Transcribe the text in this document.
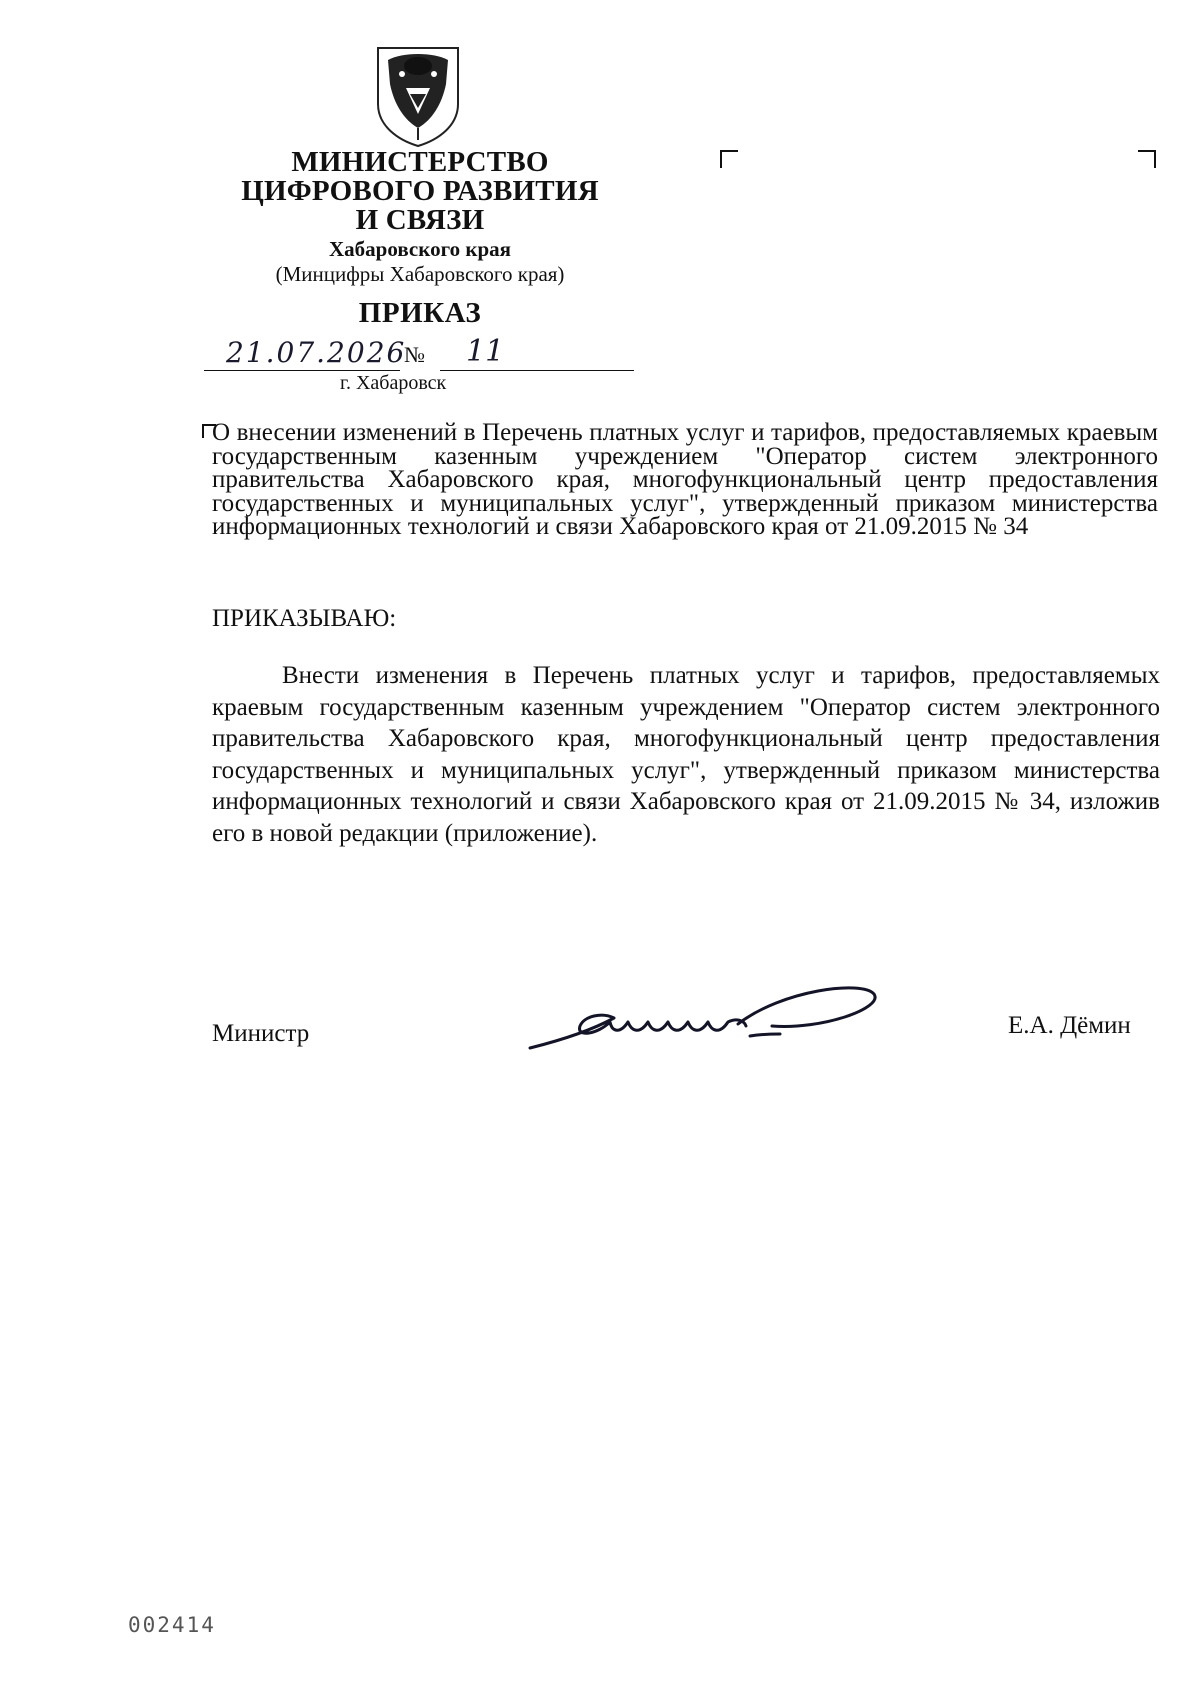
МИНИСТЕРСТВО
ЦИФРОВОГО РАЗВИТИЯ
И СВЯЗИ
Хабаровского края
(Минцифры Хабаровского края)
ПРИКАЗ
21.07.2026
№ 11
г. Хабаровск
О внесении изменений в Перечень платных услуг и тарифов, предоставляемых краевым государственным казенным учреждением "Оператор систем электронного правительства Хабаровского края, многофункциональный центр предоставления государственных и муниципальных услуг", утвержденный приказом министерства информационных технологий и связи Хабаровского края от 21.09.2015 № 34
ПРИКАЗЫВАЮ:
Внести изменения в Перечень платных услуг и тарифов, предоставляемых краевым государственным казенным учреждением "Оператор систем электронного правительства Хабаровского края, многофункциональный центр предоставления государственных и муниципальных услуг", утвержденный приказом министерства информационных технологий и связи Хабаровского края от 21.09.2015 № 34, изложив его в новой редакции (приложение).
Министр	Е.А. Дёмин
002414
